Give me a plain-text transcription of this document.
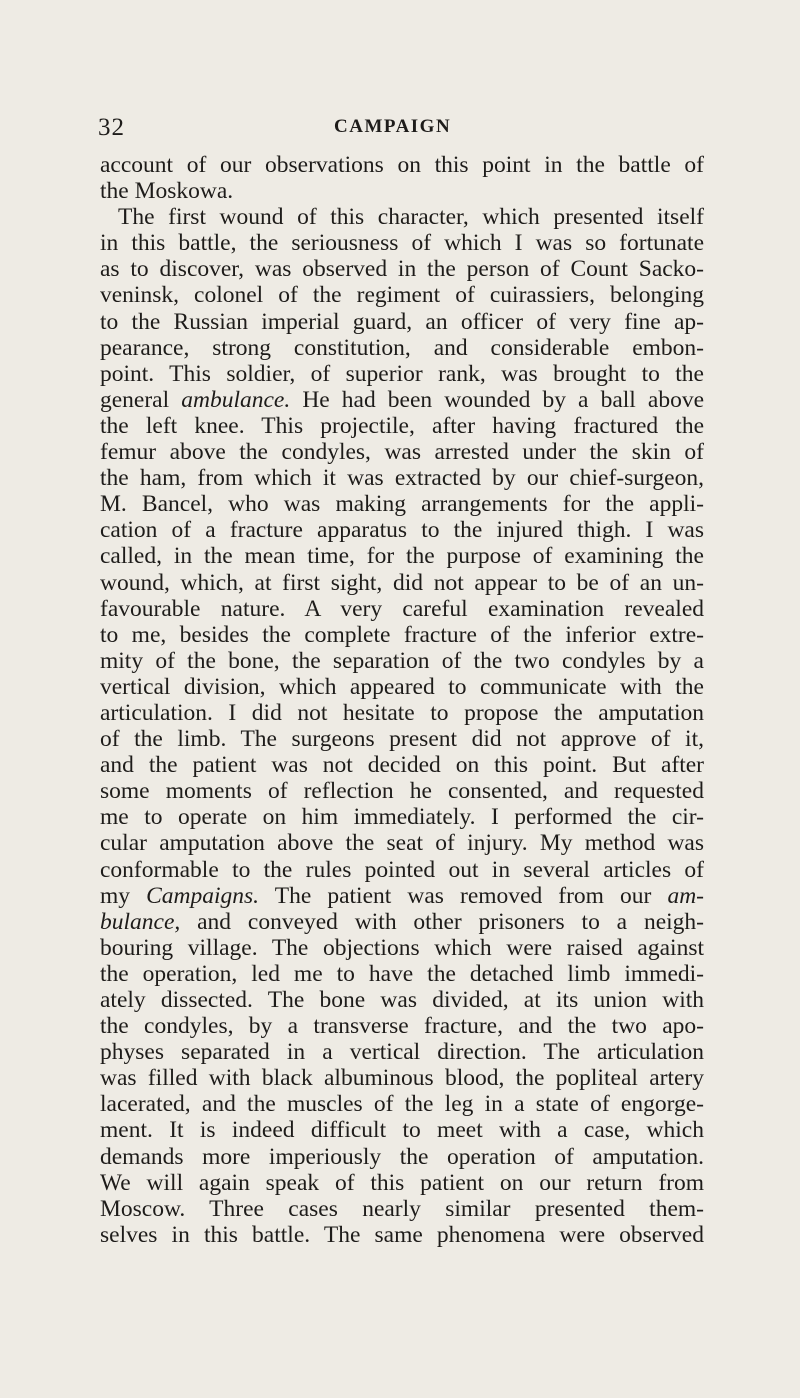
32	CAMPAIGN
account of our observations on this point in the battle of
the Moskowa.
The first wound of this character, which presented itself
in this battle, the seriousness of which I was so fortunate
as to discover, was observed in the person of Count Sacko-
veninsk, colonel of the regiment of cuirassiers, belonging
to the Russian imperial guard, an officer of very fine ap-
pearance, strong constitution, and considerable embon-
point. This soldier, of superior rank, was brought to the
general ambulance. He had been wounded by a ball above
the left knee. This projectile, after having fractured the
femur above the condyles, was arrested under the skin of
the ham, from which it was extracted by our chief-surgeon,
M. Bancel, who was making arrangements for the appli-
cation of a fracture apparatus to the injured thigh. I was
called, in the mean time, for the purpose of examining the
wound, which, at first sight, did not appear to be of an un-
favourable nature. A very careful examination revealed
to me, besides the complete fracture of the inferior extre-
mity of the bone, the separation of the two condyles by a
vertical division, which appeared to communicate with the
articulation. I did not hesitate to propose the amputation
of the limb. The surgeons present did not approve of it,
and the patient was not decided on this point. But after
some moments of reflection he consented, and requested
me to operate on him immediately. I performed the cir-
cular amputation above the seat of injury. My method was
conformable to the rules pointed out in several articles of
my Campaigns. The patient was removed from our am-
bulance, and conveyed with other prisoners to a neigh-
bouring village. The objections which were raised against
the operation, led me to have the detached limb immedi-
ately dissected. The bone was divided, at its union with
the condyles, by a transverse fracture, and the two apo-
physes separated in a vertical direction. The articulation
was filled with black albuminous blood, the popliteal artery
lacerated, and the muscles of the leg in a state of engorge-
ment. It is indeed difficult to meet with a case, which
demands more imperiously the operation of amputation.
We will again speak of this patient on our return from
Moscow. Three cases nearly similar presented them-
selves in this battle. The same phenomena were observed
